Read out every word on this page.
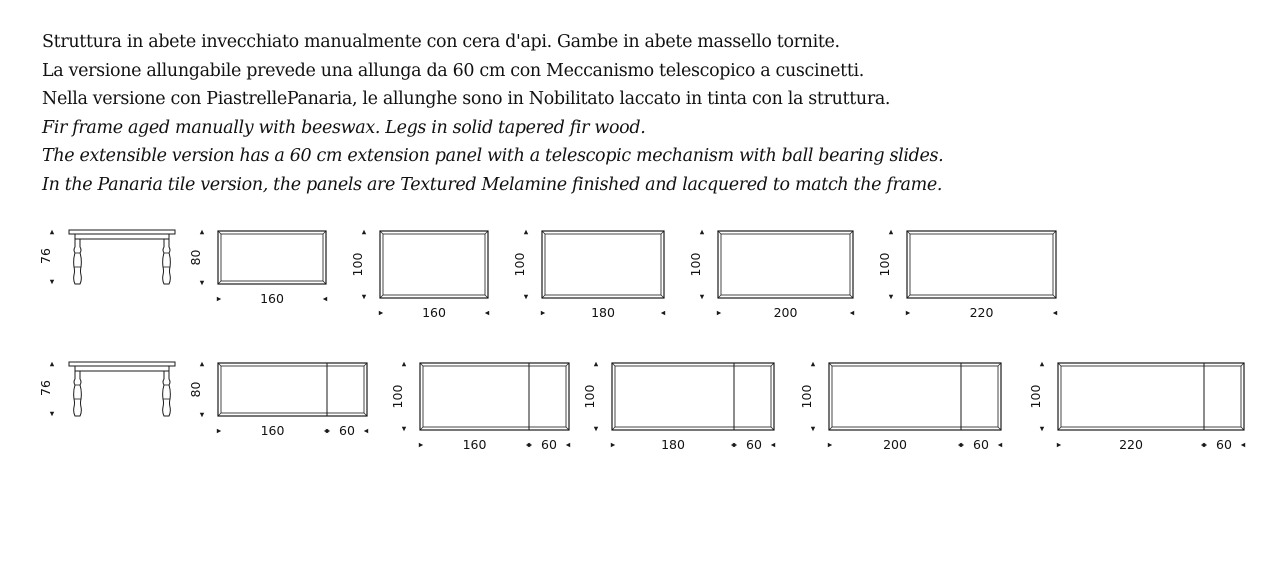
Struttura in abete invecchiato manualmente con cera d'api. Gambe in abete massello tornite.

La versione allungabile prevede una allunga da 60 cm con Meccanismo telescopico a cuscinetti.

Nella versione con PiastrellePanaria, le allunghe sono in Nobilitato laccato in tinta con la struttura.

Fir frame aged manually with beeswax. Legs in solid tapered fir wood.

The extensible version has a 60 cm extension panel with a telescopic mechanism with ball bearing slides.

In the Panaria tile version, the panels are Textured Melamine finished and lacquered to match the frame.

76	80
160
100
160
100
180
100
200
100
220
76	80
160	60
100
160	60
100
180	60
100
200	60
100
220	60
